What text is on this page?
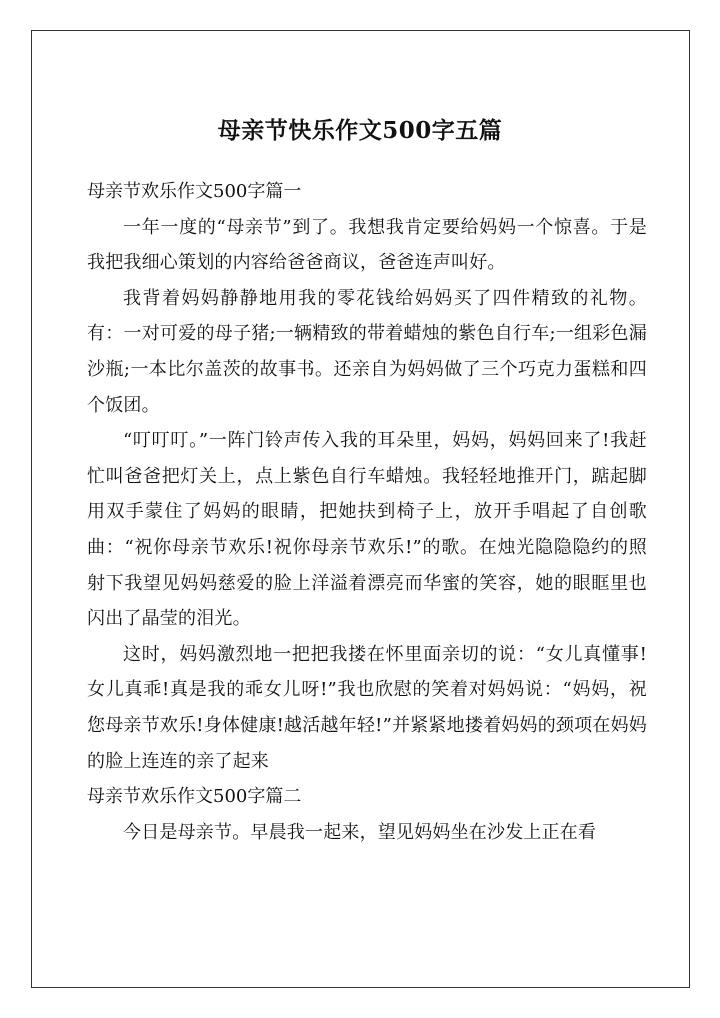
母亲节快乐作文500字五篇
母亲节欢乐作文500字篇一

一年一度的“母亲节”到了。我想我肯定要给妈妈一个惊喜。于是我把我细心策划的内容给爸爸商议，爸爸连声叫好。

我背着妈妈静静地用我的零花钱给妈妈买了四件精致的礼物。有：一对可爱的母子猪;一辆精致的带着蜡烛的紫色自行车;一组彩色漏沙瓶;一本比尔盖茨的故事书。还亲自为妈妈做了三个巧克力蛋糕和四个饭团。

“叮叮叮。”一阵门铃声传入我的耳朵里，妈妈，妈妈回来了!我赶忙叫爸爸把灯关上，点上紫色自行车蜡烛。我轻轻地推开门，踮起脚用双手蒙住了妈妈的眼睛，把她扶到椅子上，放开手唱起了自创歌曲：“祝你母亲节欢乐!祝你母亲节欢乐!”的歌。在烛光隐隐隐约的照射下我望见妈妈慈爱的脸上洋溢着漂亮而华蜜的笑容，她的眼眶里也闪出了晶莹的泪光。

这时，妈妈激烈地一把把我搂在怀里面亲切的说：“女儿真懂事!女儿真乖!真是我的乖女儿呀!”我也欣慰的笑着对妈妈说：“妈妈，祝您母亲节欢乐!身体健康!越活越年轻!”并紧紧地搂着妈妈的颈项在妈妈的脸上连连的亲了起来

母亲节欢乐作文500字篇二

今日是母亲节。早晨我一起来，望见妈妈坐在沙发上正在看
